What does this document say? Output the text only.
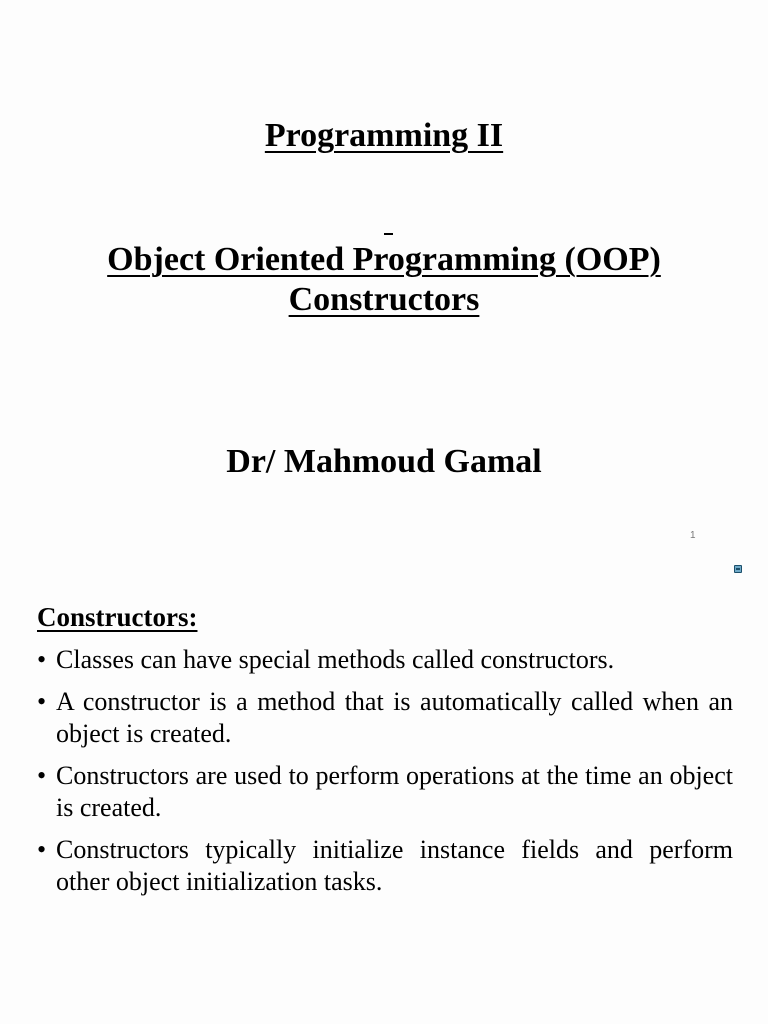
Programming II
Object Oriented Programming (OOP)
Constructors
Dr/ Mahmoud Gamal
1
Constructors:
• Classes can have special methods called constructors.
• A constructor is a method that is automatically called when an object is created.
• Constructors are used to perform operations at the time an object is created.
• Constructors typically initialize instance fields and perform other object initialization tasks.
